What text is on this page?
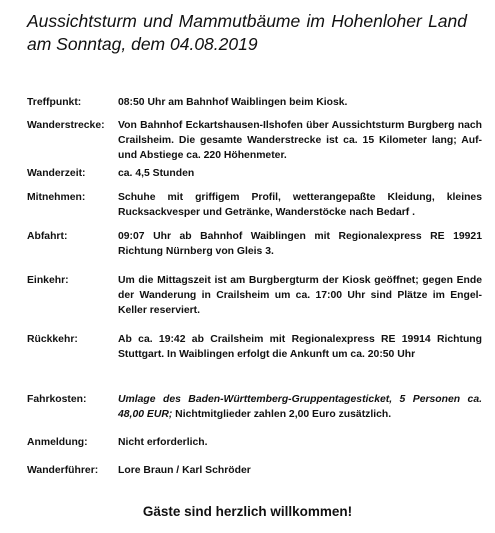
Aussichtsturm und Mammutbäume im Hohenloher Land am Sonntag, dem 04.08.2019
Treffpunkt:	08:50 Uhr am Bahnhof Waiblingen beim Kiosk.
Wanderstrecke:	Von Bahnhof Eckartshausen-Ilshofen über Aussichtsturm Burgberg nach Crailsheim. Die gesamte Wanderstrecke ist ca. 15 Kilometer lang; Auf- und Abstiege ca. 220 Höhenmeter.
Wanderzeit:	ca. 4,5 Stunden
Mitnehmen:	Schuhe mit griffigem Profil, wetterangepaßte Kleidung, kleines Rucksackvesper und Getränke, Wanderstöcke nach Bedarf .
Abfahrt:	09:07 Uhr ab Bahnhof Waiblingen mit Regionalexpress RE 19921 Richtung Nürnberg von Gleis 3.
Einkehr:	Um die Mittagszeit ist am Burgbergturm der Kiosk geöffnet; gegen Ende der Wanderung in Crailsheim um ca. 17:00 Uhr sind Plätze im Engel-Keller reserviert.
Rückkehr:	Ab ca. 19:42 ab Crailsheim mit Regionalexpress RE 19914 Richtung Stuttgart. In Waiblingen erfolgt die Ankunft um ca. 20:50 Uhr
Fahrkosten:	Umlage des Baden-Württemberg-Gruppentagesticket, 5 Personen ca. 48,00 EUR; Nichtmitglieder zahlen 2,00 Euro zusätzlich.
Anmeldung:	Nicht erforderlich.
Wanderführer:	Lore Braun / Karl Schröder
Gäste sind herzlich willkommen!
